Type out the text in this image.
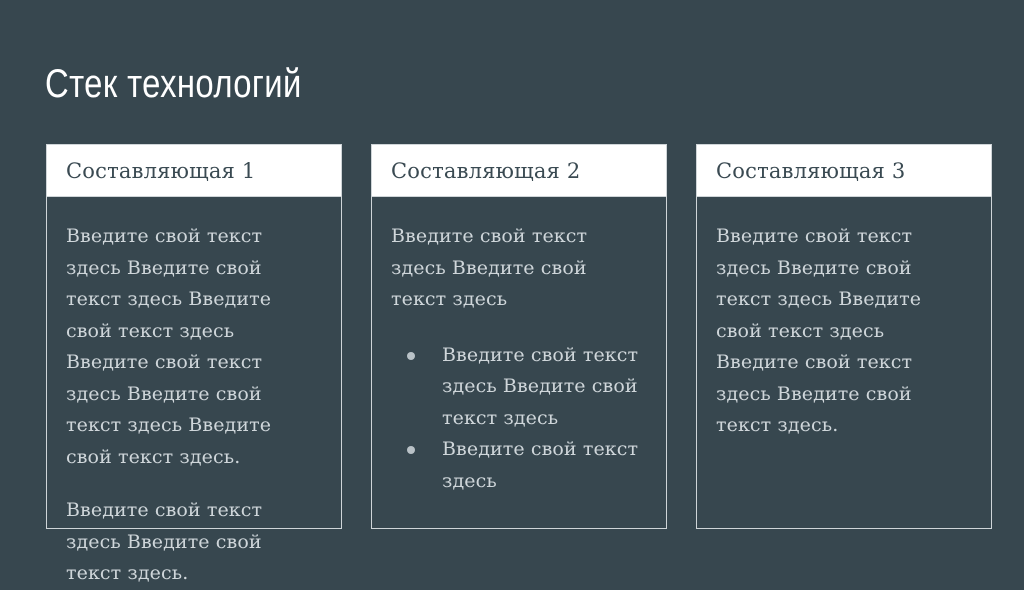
Стек технологий
Составляющая 1

Введите свой текст здесь Введите свой текст здесь Введите свой текст здесь Введите свой текст здесь Введите свой текст здесь Введите свой текст здесь.

Введите свой текст здесь Введите свой текст здесь.

Составляющая 2

Введите свой текст здесь Введите свой текст здесь

Введите свой текст здесь Введите свой текст здесь
Введите свой текст здесь
Составляющая 3

Введите свой текст здесь Введите свой текст здесь Введите свой текст здесь Введите свой текст здесь Введите свой текст здесь.
